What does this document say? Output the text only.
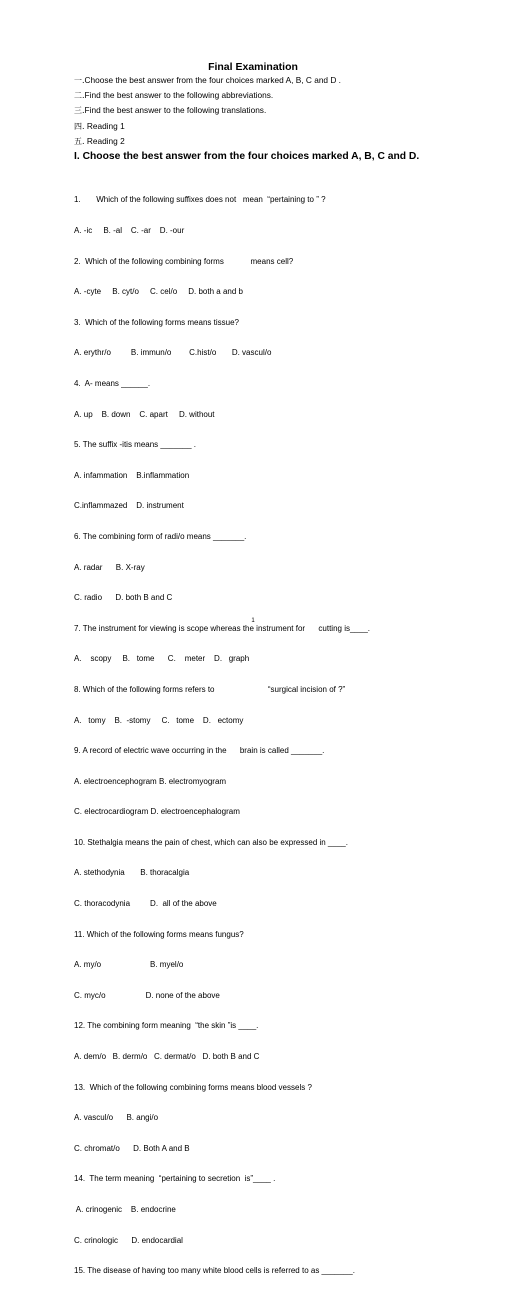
Final Examination
一.Choose the best answer from the four choices marked A, B, C and D .
二.Find the best answer to the following abbreviations.
三.Find the best answer to the following translations.
四. Reading 1
五. Reading 2
I. Choose the best answer from the four choices marked A, B, C and D.

1.       Which of the following suffixes does not   mean  “pertaining to ” ?

A. -ic     B. -al    C. -ar    D. -our

2.  Which of the following combining forms            means cell?

A. -cyte     B. cyt/o     C. cel/o     D. both a and b

3.  Which of the following forms means tissue?

A. erythr/o         B. immun/o        C.hist/o       D. vascul/o

4.  A- means ______.

A. up    B. down    C. apart     D. without

5. The suffix -itis means _______ .

A. infammation    B.inflammation

C.inflammazed    D. instrument

6. The combining form of radi/o means _______.

A. radar      B. X-ray

C. radio      D. both B and C

7. The instrument for viewing is scope whereas the instrument for      cutting is____.

A.    scopy     B.   tome      C.    meter    D.   graph

8. Which of the following forms refers to                        “surgical incision of ?”

A.   tomy    B.  -stomy     C.   tome    D.   ectomy

9. A record of electric wave occurring in the      brain is called _______.

A. electroencephogram B. electromyogram

C. electrocardiogram D. electroencephalogram

10. Stethalgia means the pain of chest, which can also be expressed in ____.

A. stethodynia       B. thoracalgia

C. thoracodynia         D.  all of the above

11. Which of the following forms means fungus?

A. my/o                      B. myel/o

C. myc/o                  D. none of the above

12. The combining form meaning  “the skin ”is ____.

A. dem/o   B. derm/o   C. dermat/o   D. both B and C

13.  Which of the following combining forms means blood vessels ?

A. vascul/o      B. angi/o

C. chromat/o      D. Both A and B

14.  The term meaning  “pertaining to secretion  is”____ .

A. crinogenic    B. endocrine

C. crinologic      D. endocardial

15. The disease of having too many white blood cells is referred to as _______.

1
